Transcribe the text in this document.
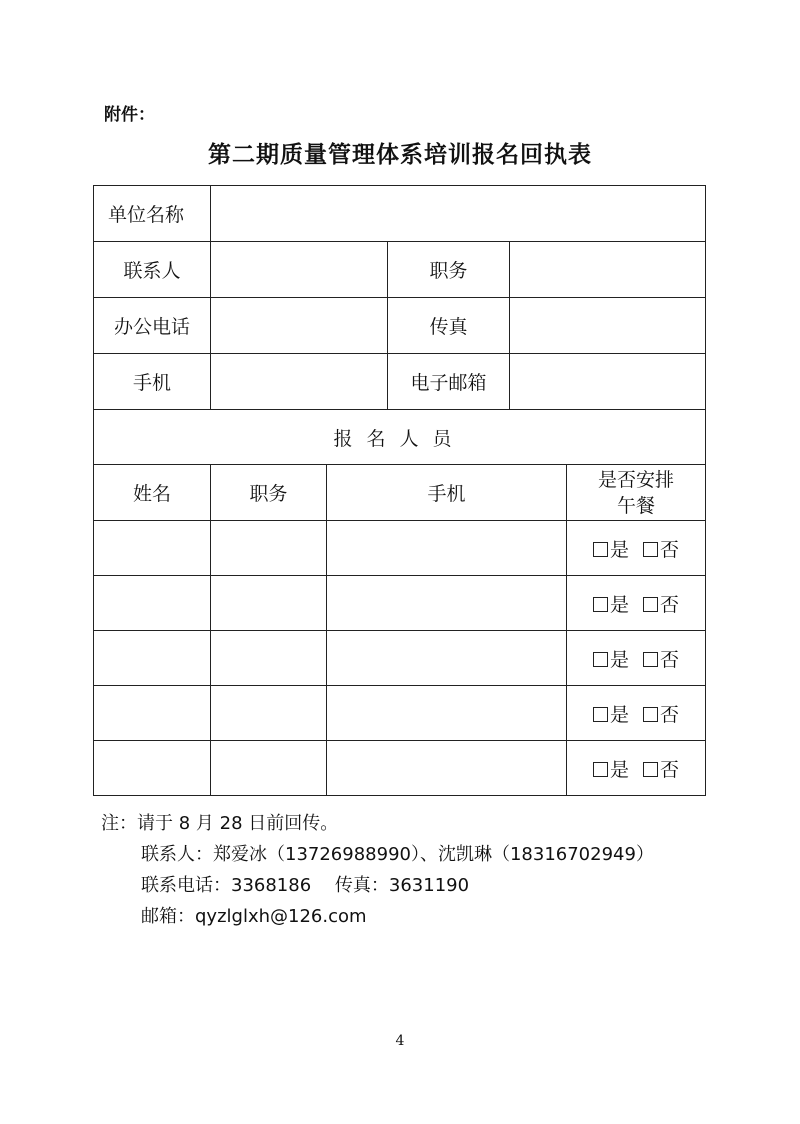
附件：
第二期质量管理体系培训报名回执表
单位名称					
联系人			职务		
办公电话			传真		
手机			电子邮箱		
报名人员					
姓名	职务	手机			是否安排
午餐

					是 否
					是 否
					是 否
					是 否
					是 否
注：请于 8 月 28 日前回传。
联系人：郑爱冰（13726988990）、沈凯琳（18316702949）
联系电话：3368186　 传真：3631190
邮箱：qyzlglxh@126.com
4
